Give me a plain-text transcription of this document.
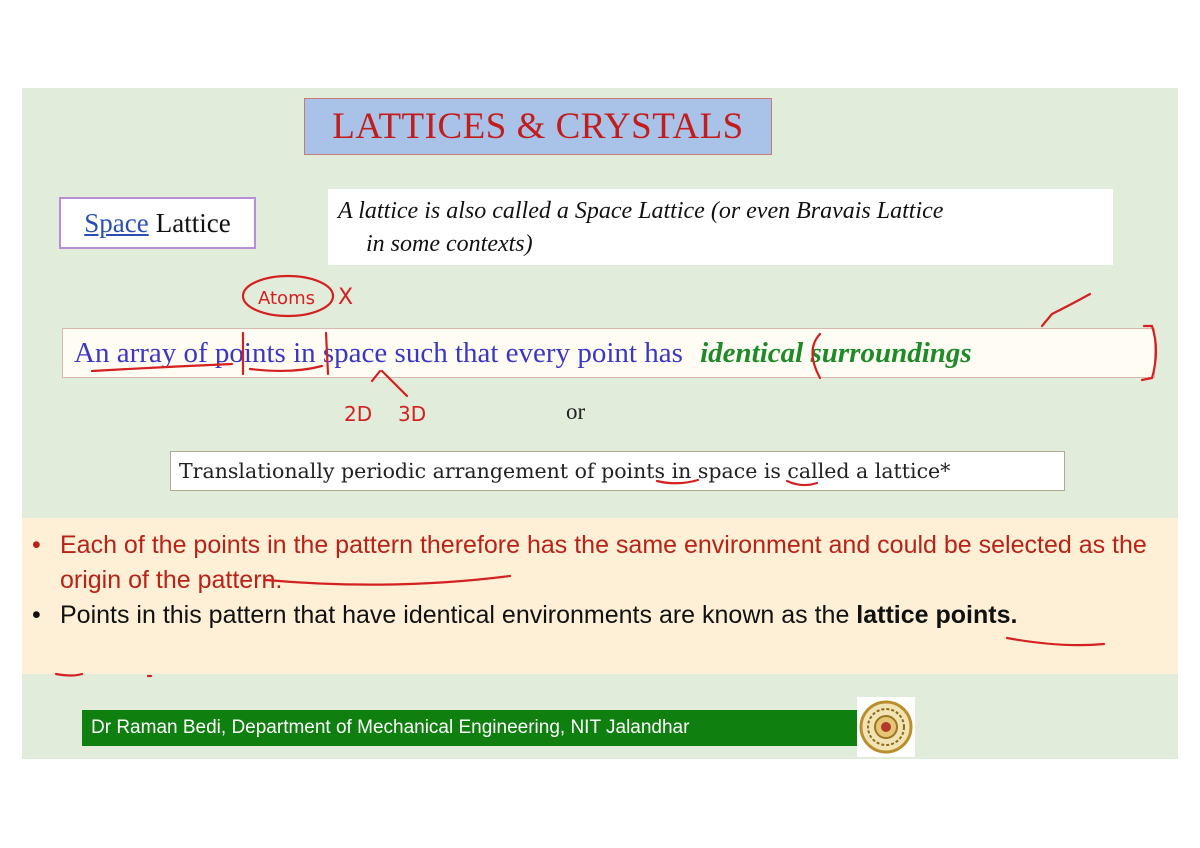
LATTICES & CRYSTALS
Space Lattice	A lattice is also called a Space Lattice (or even Bravais Lattice
in some contexts)
An array of points in space such that every point has identical surroundings
or
Translationally periodic arrangement of points in space is called a lattice*
• Each of the points in the pattern therefore has the same environment and could be selected as the origin of the pattern.
• Points in this pattern that have identical environments are known as the lattice points.
Dr Raman Bedi, Department of Mechanical Engineering, NIT Jalandhar
Atoms X
2D 3D
